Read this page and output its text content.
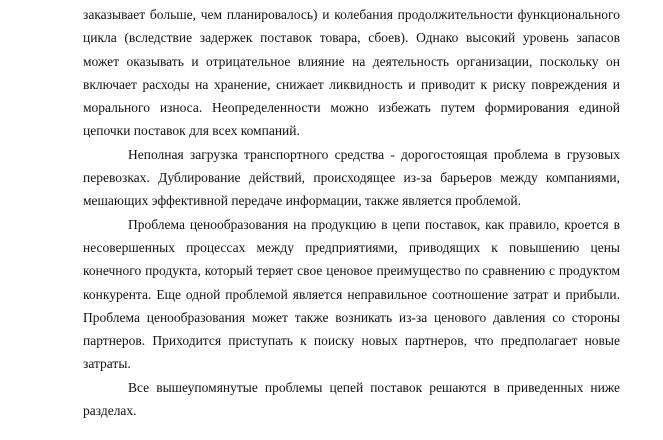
заказывает больше, чем планировалось) и колебания продолжительности функционального цикла (вследствие задержек поставок товара, сбоев). Однако высокий уровень запасов может оказывать и отрицательное влияние на деятельность организации, поскольку он включает расходы на хранение, снижает ликвидность и приводит к риску повреждения и морального износа. Неопределенности можно избежать путем формирования единой цепочки поставок для всех компаний.

Неполная загрузка транспортного средства - дорогостоящая проблема в грузовых перевозках. Дублирование действий, происходящее из-за барьеров между компаниями, мешающих эффективной передаче информации, также является проблемой.

Проблема ценообразования на продукцию в цепи поставок, как правило, кроется в несовершенных процессах между предприятиями, приводящих к повышению цены конечного продукта, который теряет свое ценовое преимущество по сравнению с продуктом конкурента. Еще одной проблемой является неправильное соотношение затрат и прибыли. Проблема ценообразования может также возникать из-за ценового давления со стороны партнеров. Приходится приступать к поиску новых партнеров, что предполагает новые затраты.

Все вышеупомянутые проблемы цепей поставок решаются в приведенных ниже разделах.
